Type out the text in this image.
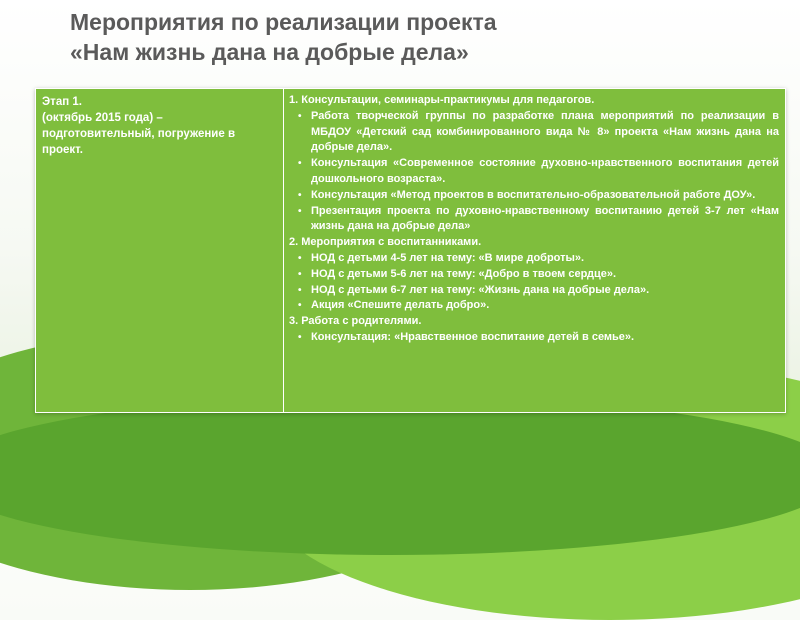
Мероприятия по реализации проекта
«Нам жизнь дана на добрые дела»
Этап 1.
(октябрь 2015 года) – подготовительный, погружение в проект.
1. Консультации, семинары-практикумы для педагогов.
• Работа творческой группы по разработке плана мероприятий по реализации в МБДОУ «Детский сад комбинированного вида № 8» проекта «Нам жизнь дана на добрые дела».
• Консультация «Современное состояние духовно-нравственного воспитания детей дошкольного возраста».
• Консультация «Метод проектов в воспитательно-образовательной работе ДОУ».
• Презентация проекта по духовно-нравственному воспитанию детей 3-7 лет «Нам жизнь дана на добрые дела»
2. Мероприятия с воспитанниками.
• НОД с детьми 4-5 лет на тему: «В мире доброты».
• НОД с детьми 5-6 лет на тему: «Добро в твоем сердце».
• НОД с детьми 6-7 лет на тему: «Жизнь дана на добрые дела».
• Акция «Спешите делать добро».
3. Работа с родителями.
• Консультация: «Нравственное воспитание детей в семье».
